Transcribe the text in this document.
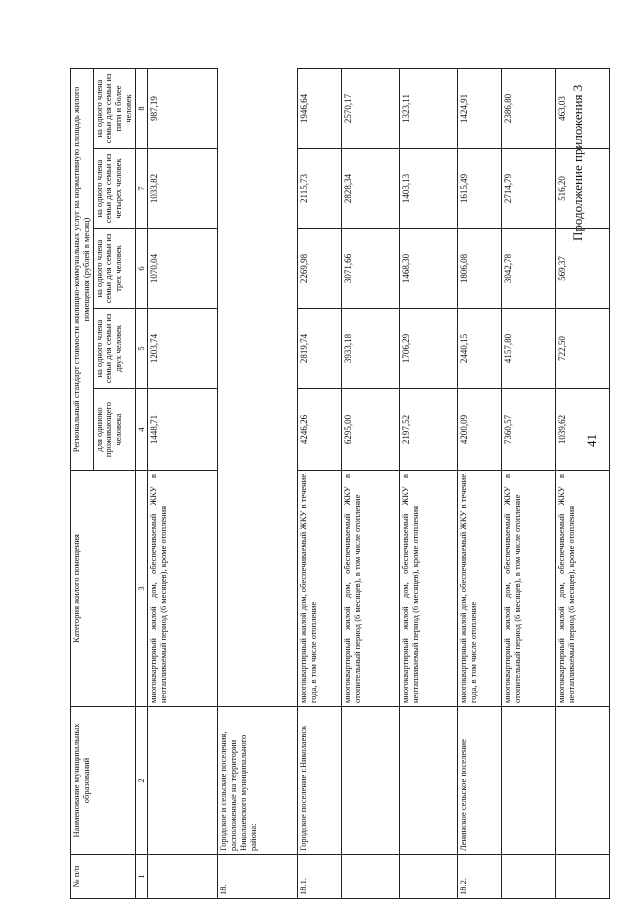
41
Продолжение приложения 3
№ п/п	Наименование муниципальных образований	Категория жилого помещения	Региональный стандарт стоимости жилищно-коммунальных услуг на нормативную площадь жилого помещения (рублей в месяц)				
			для одиноко проживающего человека	на одного члена семьи для семьи из двух человек	на одного члена семьи для семьи из трех человек	на одного члена семьи для семьи из четырех человек	на одного члена семьи для семьи из пяти и более человек
1	2	3	4	5	6	7	8
		многоквартирный жилой дом, обеспечиваемый ЖКУ в неотапливаемый период (6 месяцев), кроме отопления	1448,71	1203,74	1070,04	1033,82	987,19
18.	Городское и сельские поселения, расположенные на территории Николаевского муниципального района:						
18.1.	Городское поселение г.Николаевск	многоквартирный жилой дом, обеспечиваемый ЖКУ в течение года, в том числе отопление	4246,26	2819,74	2269,98	2115,73	1946,64
		многоквартирный жилой дом, обеспечиваемый ЖКУ в отопительный период (6 месяцев), в том числе отопление	6295,00	3933,18	3071,66	2828,34	2570,17
		многоквартирный жилой дом, обеспечиваемый ЖКУ в неотапливаемый период (6 месяцев), кроме отопления	2197,52	1706,29	1468,30	1403,13	1323,11
18.2.	Ленинское сельское поселение	многоквартирный жилой дом, обеспечиваемый ЖКУ в течение года, в том числе отопление	4200,09	2440,15	1806,08	1615,49	1424,91
		многоквартирный жилой дом, обеспечиваемый ЖКУ в отопительный период (6 месяцев), в том числе отопление	7360,57	4157,80	3042,78	2714,79	2386,80
		многоквартирный жилой дом, обеспечиваемый ЖКУ в неотапливаемый период (6 месяцев), кроме отопления	1039,62	722,50	569,37	516,20	463,03
